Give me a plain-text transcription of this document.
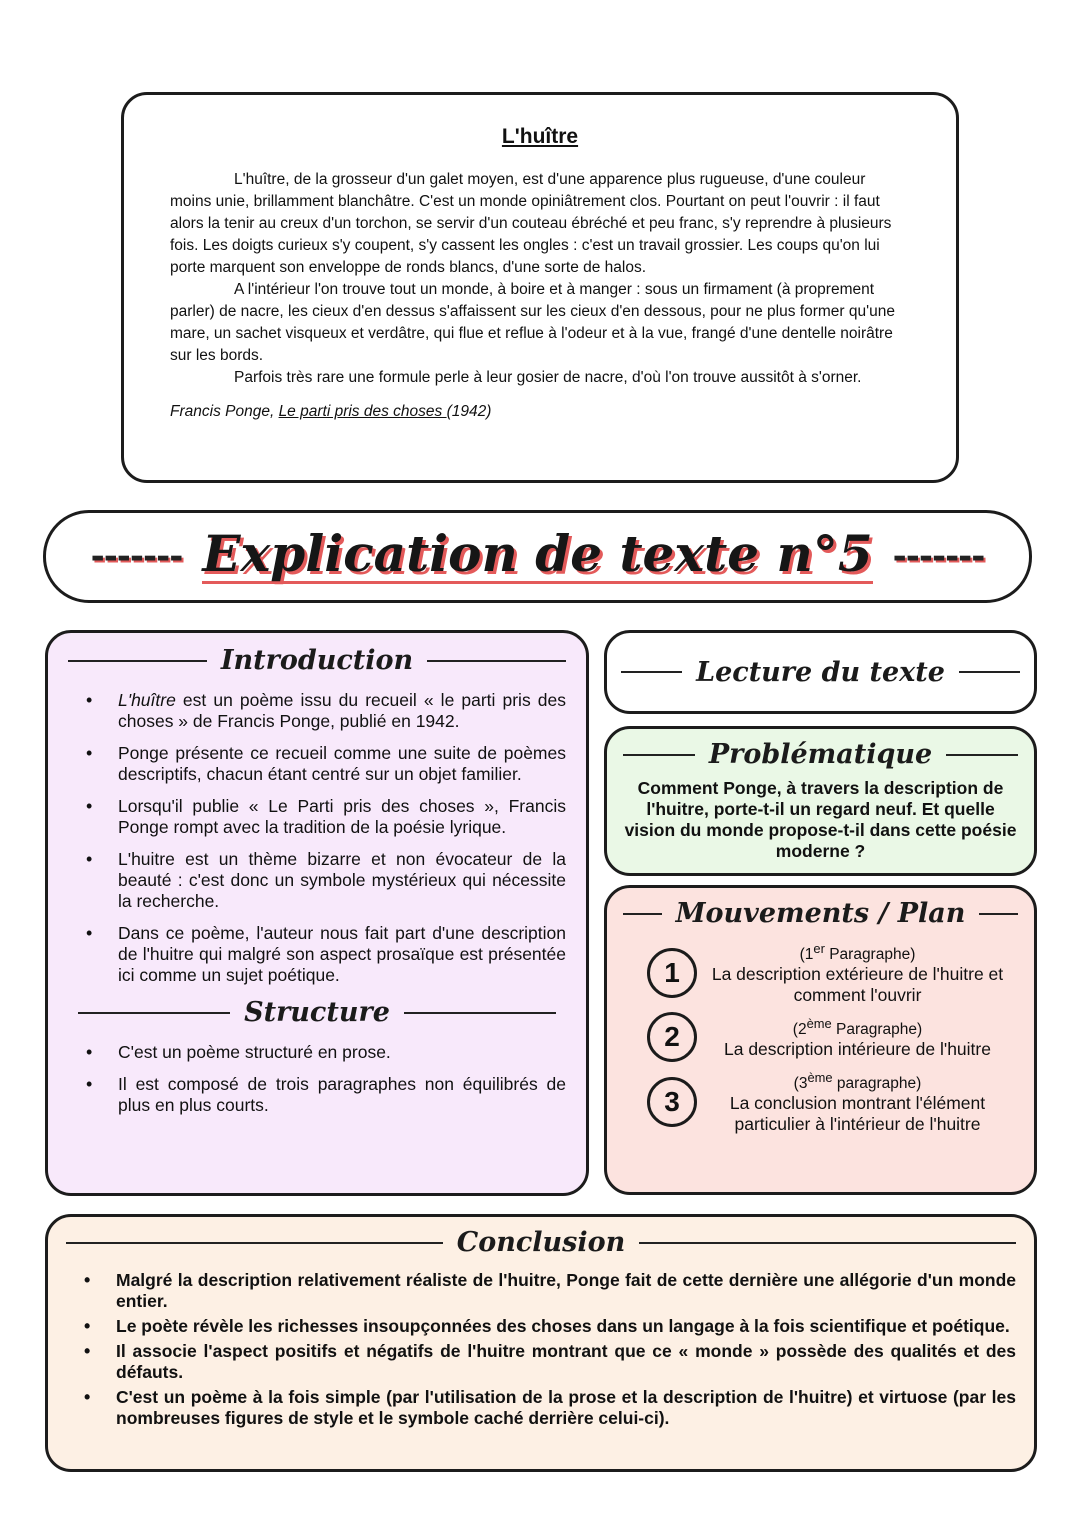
L'huître

L'huître, de la grosseur d'un galet moyen, est d'une apparence plus rugueuse, d'une couleur moins unie, brillamment blanchâtre. C'est un monde opiniâtrement clos. Pourtant on peut l'ouvrir : il faut alors la tenir au creux d'un torchon, se servir d'un couteau ébréché et peu franc, s'y reprendre à plusieurs fois. Les doigts curieux s'y coupent, s'y cassent les ongles : c'est un travail grossier. Les coups qu'on lui porte marquent son enveloppe de ronds blancs, d'une sorte de halos.

A l'intérieur l'on trouve tout un monde, à boire et à manger : sous un firmament (à proprement parler) de nacre, les cieux d'en dessus s'affaissent sur les cieux d'en dessous, pour ne plus former qu'une mare, un sachet visqueux et verdâtre, qui flue et reflue à l'odeur et à la vue, frangé d'une dentelle noirâtre sur les bords.

Parfois très rare une formule perle à leur gosier de nacre, d'où l'on trouve aussitôt à s'orner.

Francis Ponge, Le parti pris des choses (1942)
------- Explication de texte n°5 -------
Introduction
• L'huître est un poème issu du recueil « le parti pris des choses » de Francis Ponge, publié en 1942.
• Ponge présente ce recueil comme une suite de poèmes descriptifs, chacun étant centré sur un objet familier.
• Lorsqu'il publie « Le Parti pris des choses », Francis Ponge rompt avec la tradition de la poésie lyrique.
• L'huitre est un thème bizarre et non évocateur de la beauté : c'est donc un symbole mystérieux qui nécessite la recherche.
• Dans ce poème, l'auteur nous fait part d'une description de l'huitre qui malgré son aspect prosaïque est présentée ici comme un sujet poétique.
Structure
• C'est un poème structuré en prose.
• Il est composé de trois paragraphes non équilibrés de plus en plus courts.
Lecture du texte
Problématique
Comment Ponge, à travers la description de l'huitre, porte-t-il un regard neuf. Et quelle vision du monde propose-t-il dans cette poésie moderne ?
Mouvements / Plan
1
(1er Paragraphe)
La description extérieure de l'huitre et comment l'ouvrir
2	(2ème Paragraphe)
La description intérieure de l'huitre
3
(3ème paragraphe)
La conclusion montrant l'élément particulier à l'intérieur de l'huitre
Conclusion
• Malgré la description relativement réaliste de l'huitre, Ponge fait de cette dernière une allégorie d'un monde entier.
• Le poète révèle les richesses insoupçonnées des choses dans un langage à la fois scientifique et poétique.
• Il associe l'aspect positifs et négatifs de l'huitre montrant que ce « monde » possède des qualités et des défauts.
• C'est un poème à la fois simple (par l'utilisation de la prose et la description de l'huitre) et virtuose (par les nombreuses figures de style et le symbole caché derrière celui-ci).
